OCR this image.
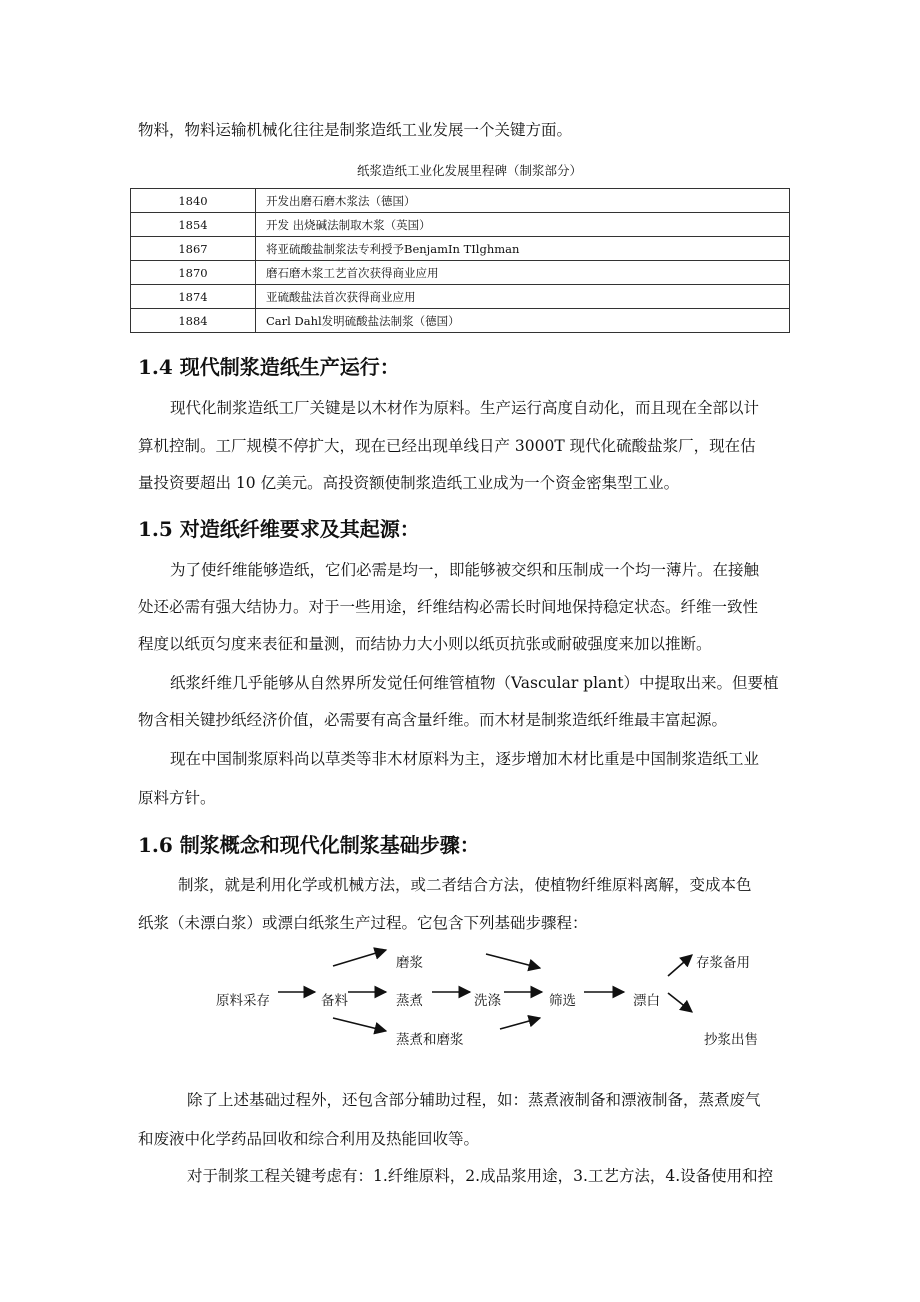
物料，物料运输机械化往往是制浆造纸工业发展一个关键方面。
纸浆造纸工业化发展里程碑（制浆部分）
1840	开发出磨石磨木浆法（德国）
1854	开发 出烧碱法制取木浆（英国）
1867	将亚硫酸盐制浆法专利授予BenjamIn TIlghman
1870	磨石磨木浆工艺首次获得商业应用
1874	亚硫酸盐法首次获得商业应用
1884	Carl Dahl发明硫酸盐法制浆（德国）
1.4 现代制浆造纸生产运行：
现代化制浆造纸工厂关键是以木材作为原料。生产运行高度自动化，而且现在全部以计
算机控制。工厂规模不停扩大，现在已经出现单线日产 3000T 现代化硫酸盐浆厂，现在估
量投资要超出 10 亿美元。高投资额使制浆造纸工业成为一个资金密集型工业。
1.5 对造纸纤维要求及其起源：
为了使纤维能够造纸，它们必需是均一，即能够被交织和压制成一个均一薄片。在接触
处还必需有强大结协力。对于一些用途，纤维结构必需长时间地保持稳定状态。纤维一致性
程度以纸页匀度来表征和量测，而结协力大小则以纸页抗张或耐破强度来加以推断。
纸浆纤维几乎能够从自然界所发觉任何维管植物（Vascular plant）中提取出来。但要植
物含相关键抄纸经济价值，必需要有高含量纤维。而木材是制浆造纸纤维最丰富起源。
现在中国制浆原料尚以草类等非木材原料为主，逐步增加木材比重是中国制浆造纸工业
原料方针。
1.6 制浆概念和现代化制浆基础步骤：
制浆，就是利用化学或机械方法，或二者结合方法，使植物纤维原料离解，变成本色
纸浆（未漂白浆）或漂白纸浆生产过程。它包含下列基础步骤程：
原料采存	备料
磨浆
蒸煮
蒸煮和磨浆
洗涤	筛选	漂白
存浆备用
抄浆出售
除了上述基础过程外，还包含部分辅助过程，如：蒸煮液制备和漂液制备，蒸煮废气
和废液中化学药品回收和综合利用及热能回收等。
对于制浆工程关键考虑有：1.纤维原料，2.成品浆用途，3.工艺方法，4.设备使用和控
